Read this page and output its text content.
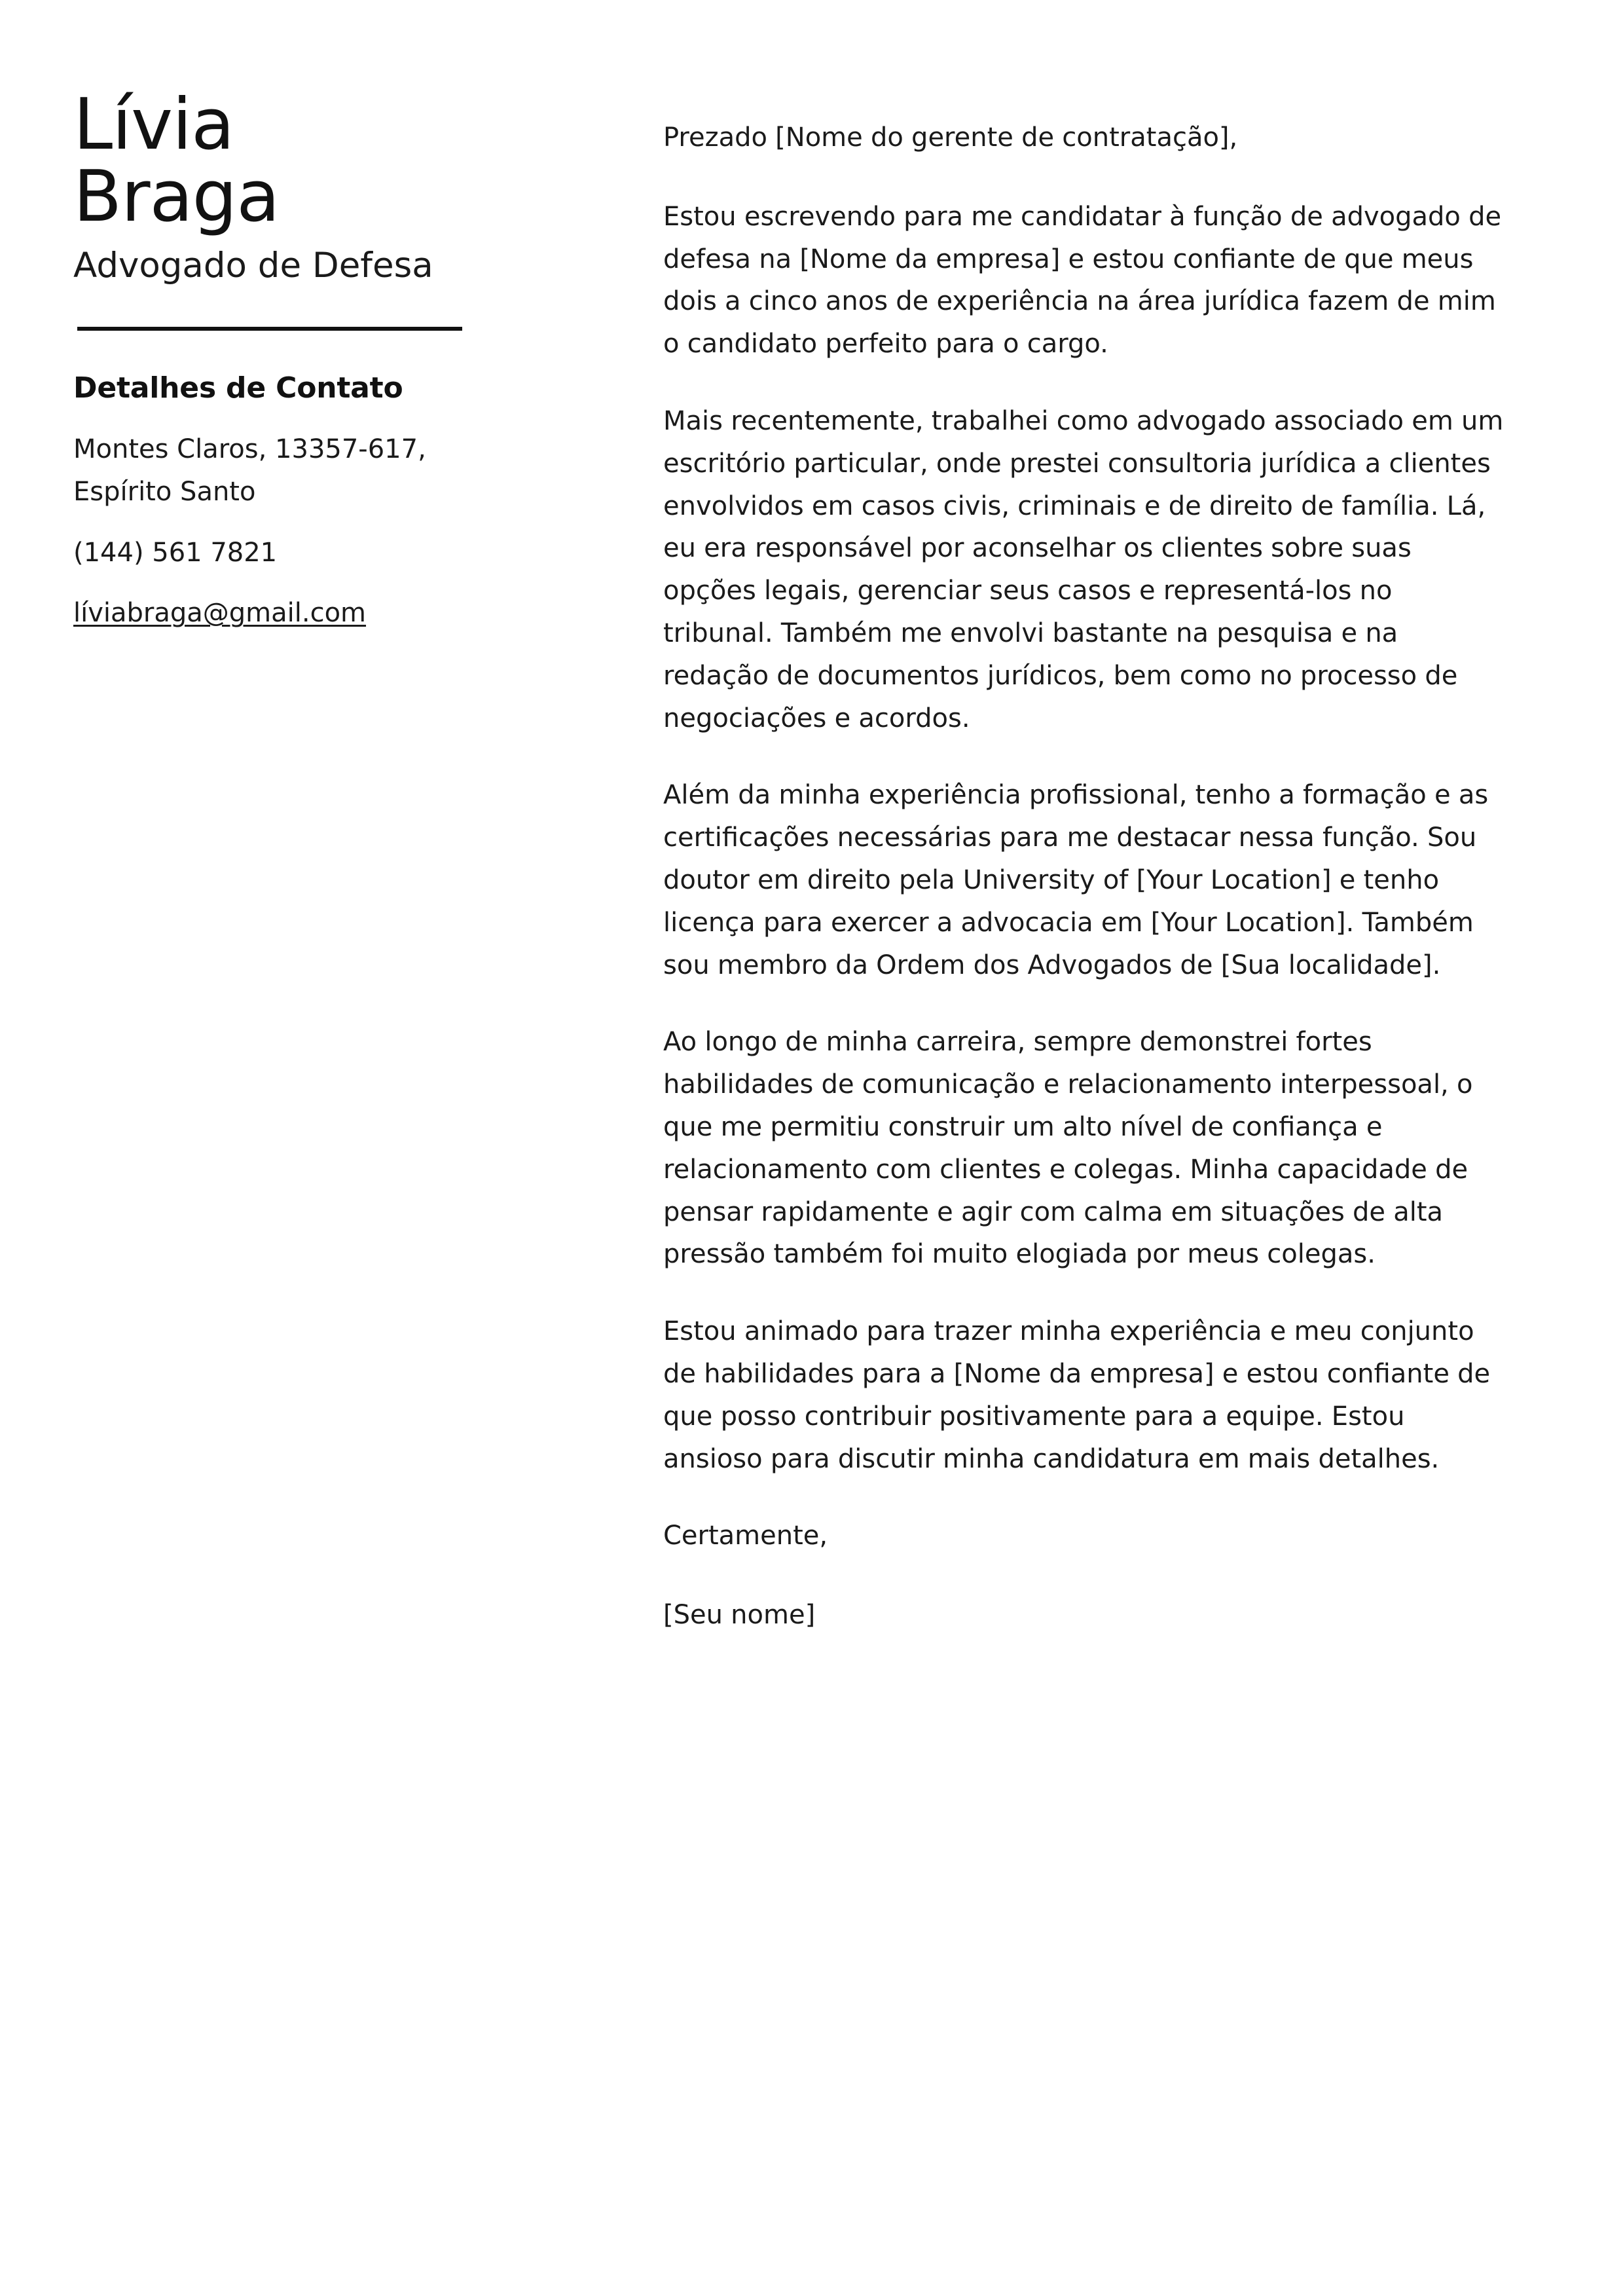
Lívia
Braga
Advogado de Defesa
Detalhes de Contato
Montes Claros, 13357-617, Espírito Santo
(144) 561 7821
líviabraga@gmail.com

Prezado [Nome do gerente de contratação],

Estou escrevendo para me candidatar à função de advogado de defesa na [Nome da empresa] e estou confiante de que meus dois a cinco anos de experiência na área jurídica fazem de mim o candidato perfeito para o cargo.

Mais recentemente, trabalhei como advogado associado em um escritório particular, onde prestei consultoria jurídica a clientes envolvidos em casos civis, criminais e de direito de família. Lá, eu era responsável por aconselhar os clientes sobre suas opções legais, gerenciar seus casos e representá-los no tribunal. Também me envolvi bastante na pesquisa e na redação de documentos jurídicos, bem como no processo de negociações e acordos.

Além da minha experiência profissional, tenho a formação e as certificações necessárias para me destacar nessa função. Sou doutor em direito pela University of [Your Location] e tenho licença para exercer a advocacia em [Your Location]. Também sou membro da Ordem dos Advogados de [Sua localidade].

Ao longo de minha carreira, sempre demonstrei fortes habilidades de comunicação e relacionamento interpessoal, o que me permitiu construir um alto nível de confiança e relacionamento com clientes e colegas. Minha capacidade de pensar rapidamente e agir com calma em situações de alta pressão também foi muito elogiada por meus colegas.

Estou animado para trazer minha experiência e meu conjunto de habilidades para a [Nome da empresa] e estou confiante de que posso contribuir positivamente para a equipe. Estou ansioso para discutir minha candidatura em mais detalhes.

Certamente,

[Seu nome]
